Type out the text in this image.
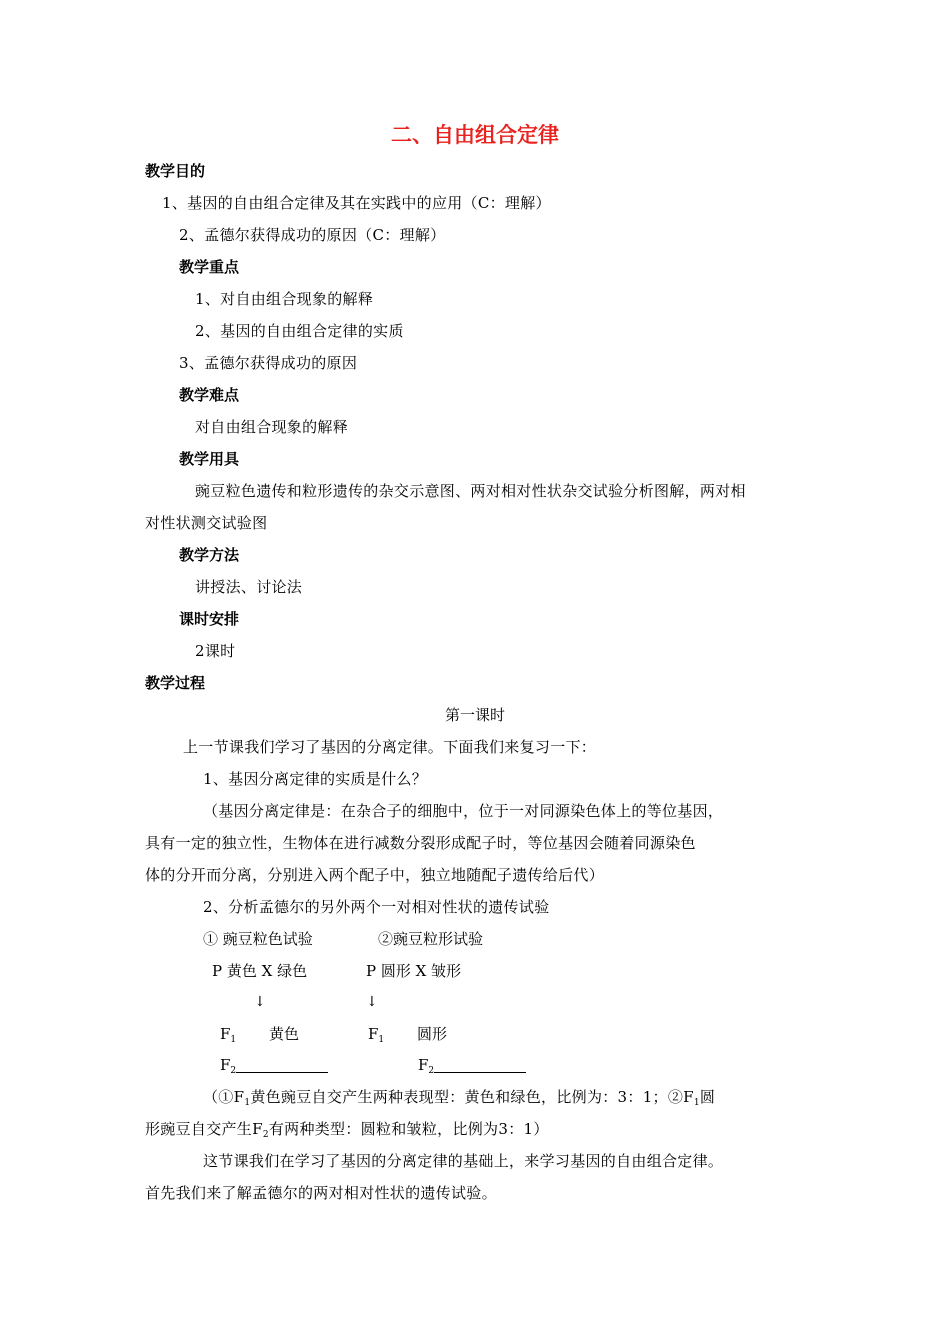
二、自由组合定律
教学目的
1、基因的自由组合定律及其在实践中的应用（C：理解）
2、孟德尔获得成功的原因（C：理解）
教学重点
1、对自由组合现象的解释
2、基因的自由组合定律的实质
3、孟德尔获得成功的原因
教学难点
对自由组合现象的解释
教学用具
豌豆粒色遗传和粒形遗传的杂交示意图、两对相对性状杂交试验分析图解，两对相
对性状测交试验图
教学方法
讲授法、讨论法
课时安排
2课时
教学过程
第一课时
上一节课我们学习了基因的分离定律。下面我们来复习一下：
1、基因分离定律的实质是什么？
（基因分离定律是：在杂合子的细胞中，位于一对同源染色体上的等位基因，
具有一定的独立性，生物体在进行减数分裂形成配子时，等位基因会随着同源染色
体的分开而分离，分别进入两个配子中，独立地随配子遗传给后代）
2、分析孟德尔的另外两个一对相对性状的遗传试验
① 豌豆粒色试验	②豌豆粒形试验
P 黄色 X 绿色	P 圆形 X 皱形
↓	↓
$F_1$ 黄色	$F_1$ 圆形
$F_2$	$F_2$
（$①F_1$黄色豌豆自交产生两种表现型：黄色和绿色，比例为：3：1；$②F_1$圆
形豌豆自交产生$F_2$有两种类型：圆粒和皱粒，比例为3：1）
这节课我们在学习了基因的分离定律的基础上，来学习基因的自由组合定律。
首先我们来了解孟德尔的两对相对性状的遗传试验。
